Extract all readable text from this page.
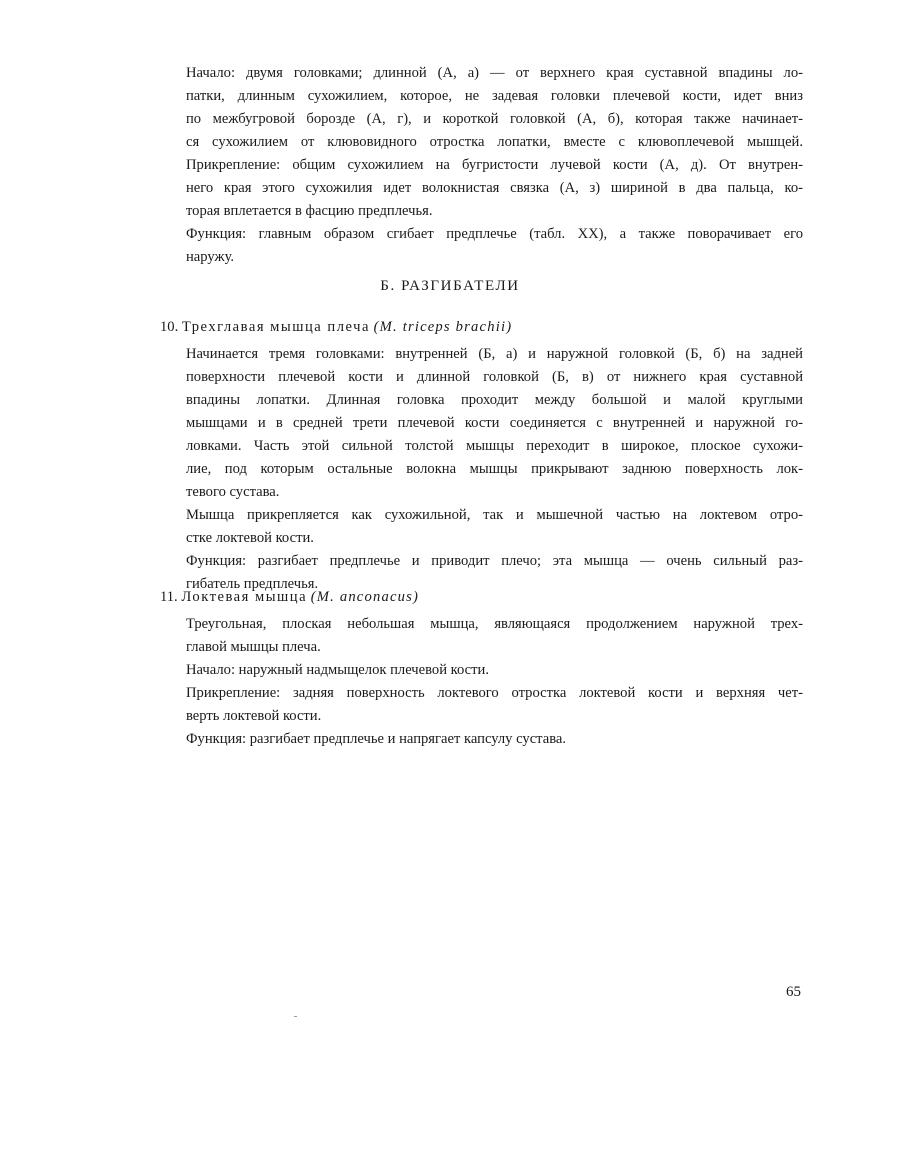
Начало: двумя головками; длинной (А, а) — от верхнего края суставной впадины ло-
патки, длинным сухожилием, которое, не задевая головки плечевой кости, идет вниз
по межбугровой борозде (А, г), и короткой головкой (А, б), которая также начинает-
ся сухожилием от клювовидного отростка лопатки, вместе с клювоплечевой мышцей.
Прикрепление: общим сухожилием на бугристости лучевой кости (А, д). От внутрен-
него края этого сухожилия идет волокнистая связка (А, з) шириной в два пальца, ко-
торая вплетается в фасцию предплечья.
Функция: главным образом сгибает предплечье (табл. XX), а также поворачивает его
наружу.
Б. РАЗГИБАТЕЛИ
10. Трехглавая мышца плеча (M. triceps brachii)
Начинается тремя головками: внутренней (Б, а) и наружной головкой (Б, б) на задней
поверхности плечевой кости и длинной головкой (Б, в) от нижнего края суставной
впадины лопатки. Длинная головка проходит между большой и малой круглыми
мышцами и в средней трети плечевой кости соединяется с внутренней и наружной го-
ловками. Часть этой сильной толстой мышцы переходит в широкое, плоское сухожи-
лие, под которым остальные волокна мышцы прикрывают заднюю поверхность лок-
тевого сустава.
Мышца прикрепляется как сухожильной, так и мышечной частью на локтевом отро-
стке локтевой кости.
Функция: разгибает предплечье и приводит плечо; эта мышца — очень сильный раз-
гибатель предплечья.
11. Локтевая мышца (M. anconacus)
Треугольная, плоская небольшая мышца, являющаяся продолжением наружной трех-
главой мышцы плеча.
Начало: наружный надмыщелок плечевой кости.
Прикрепление: задняя поверхность локтевого отростка локтевой кости и верхняя чет-
верть локтевой кости.
Функция: разгибает предплечье и напрягает капсулу сустава.
65
